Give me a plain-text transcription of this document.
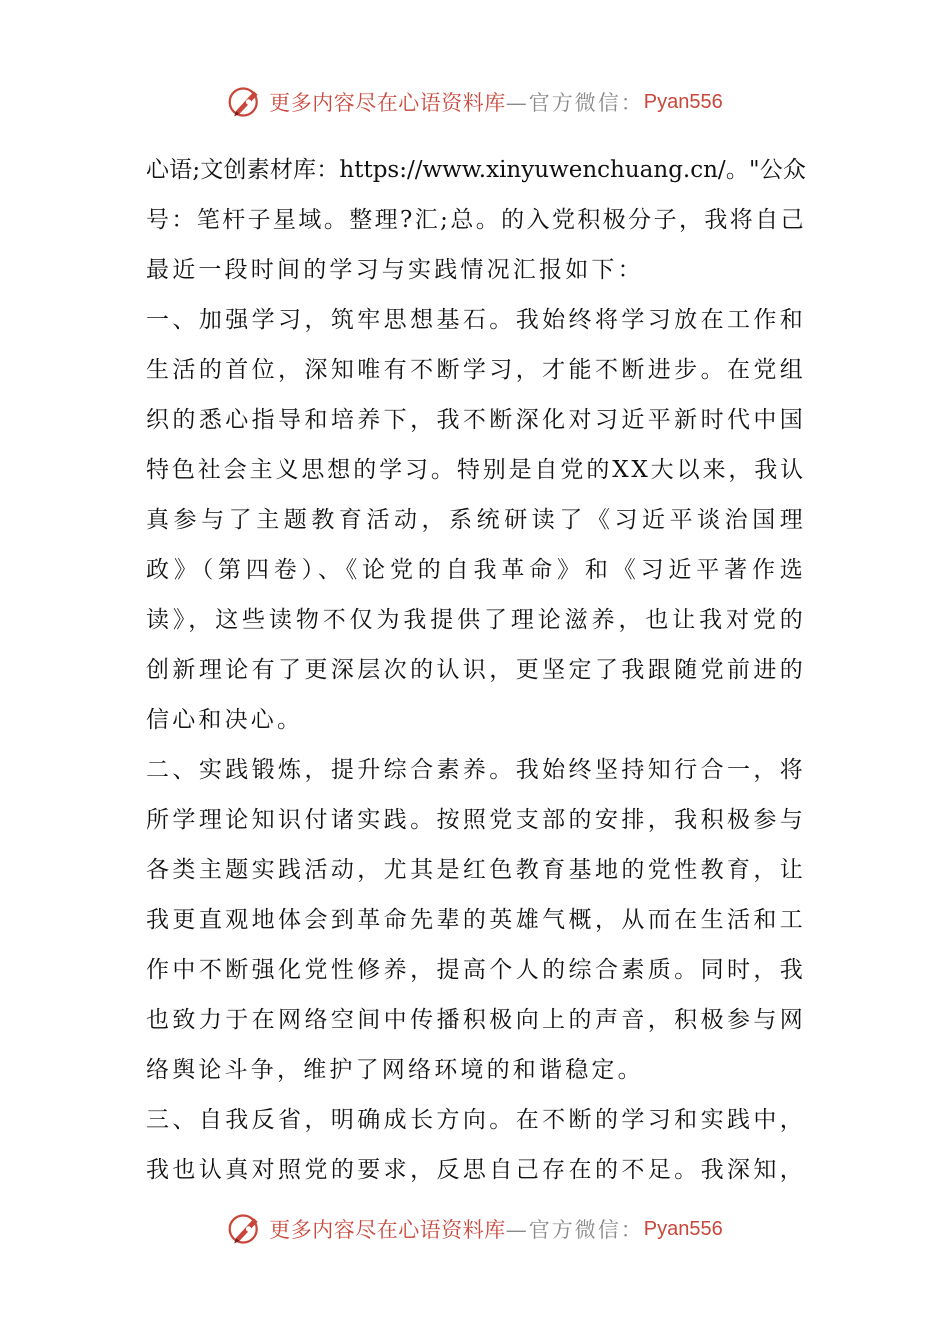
更多内容尽在心语资料库 —官方微信： Pyan556
心语;文创素材库：https://www.xinyuwenchuang.cn/。"公众
号：笔杆子星域。整理?汇;总。的入党积极分子，我将自己
最近一段时间的学习与实践情况汇报如下：
一、加强学习，筑牢思想基石。我始终将学习放在工作和
生活的首位，深知唯有不断学习，才能不断进步。在党组
织的悉心指导和培养下，我不断深化对习近平新时代中国
特色社会主义思想的学习。特别是自党的XX大以来，我认
真参与了主题教育活动，系统研读了《习近平谈治国理
政》（第四卷）、《论党的自我革命》和《习近平著作选
读》，这些读物不仅为我提供了理论滋养，也让我对党的
创新理论有了更深层次的认识，更坚定了我跟随党前进的
信心和决心。
二、实践锻炼，提升综合素养。我始终坚持知行合一，将
所学理论知识付诸实践。按照党支部的安排，我积极参与
各类主题实践活动，尤其是红色教育基地的党性教育，让
我更直观地体会到革命先辈的英雄气概，从而在生活和工
作中不断强化党性修养，提高个人的综合素质。同时，我
也致力于在网络空间中传播积极向上的声音，积极参与网
络舆论斗争，维护了网络环境的和谐稳定。
三、自我反省，明确成长方向。在不断的学习和实践中，
我也认真对照党的要求，反思自己存在的不足。我深知，
更多内容尽在心语资料库 —官方微信： Pyan556
